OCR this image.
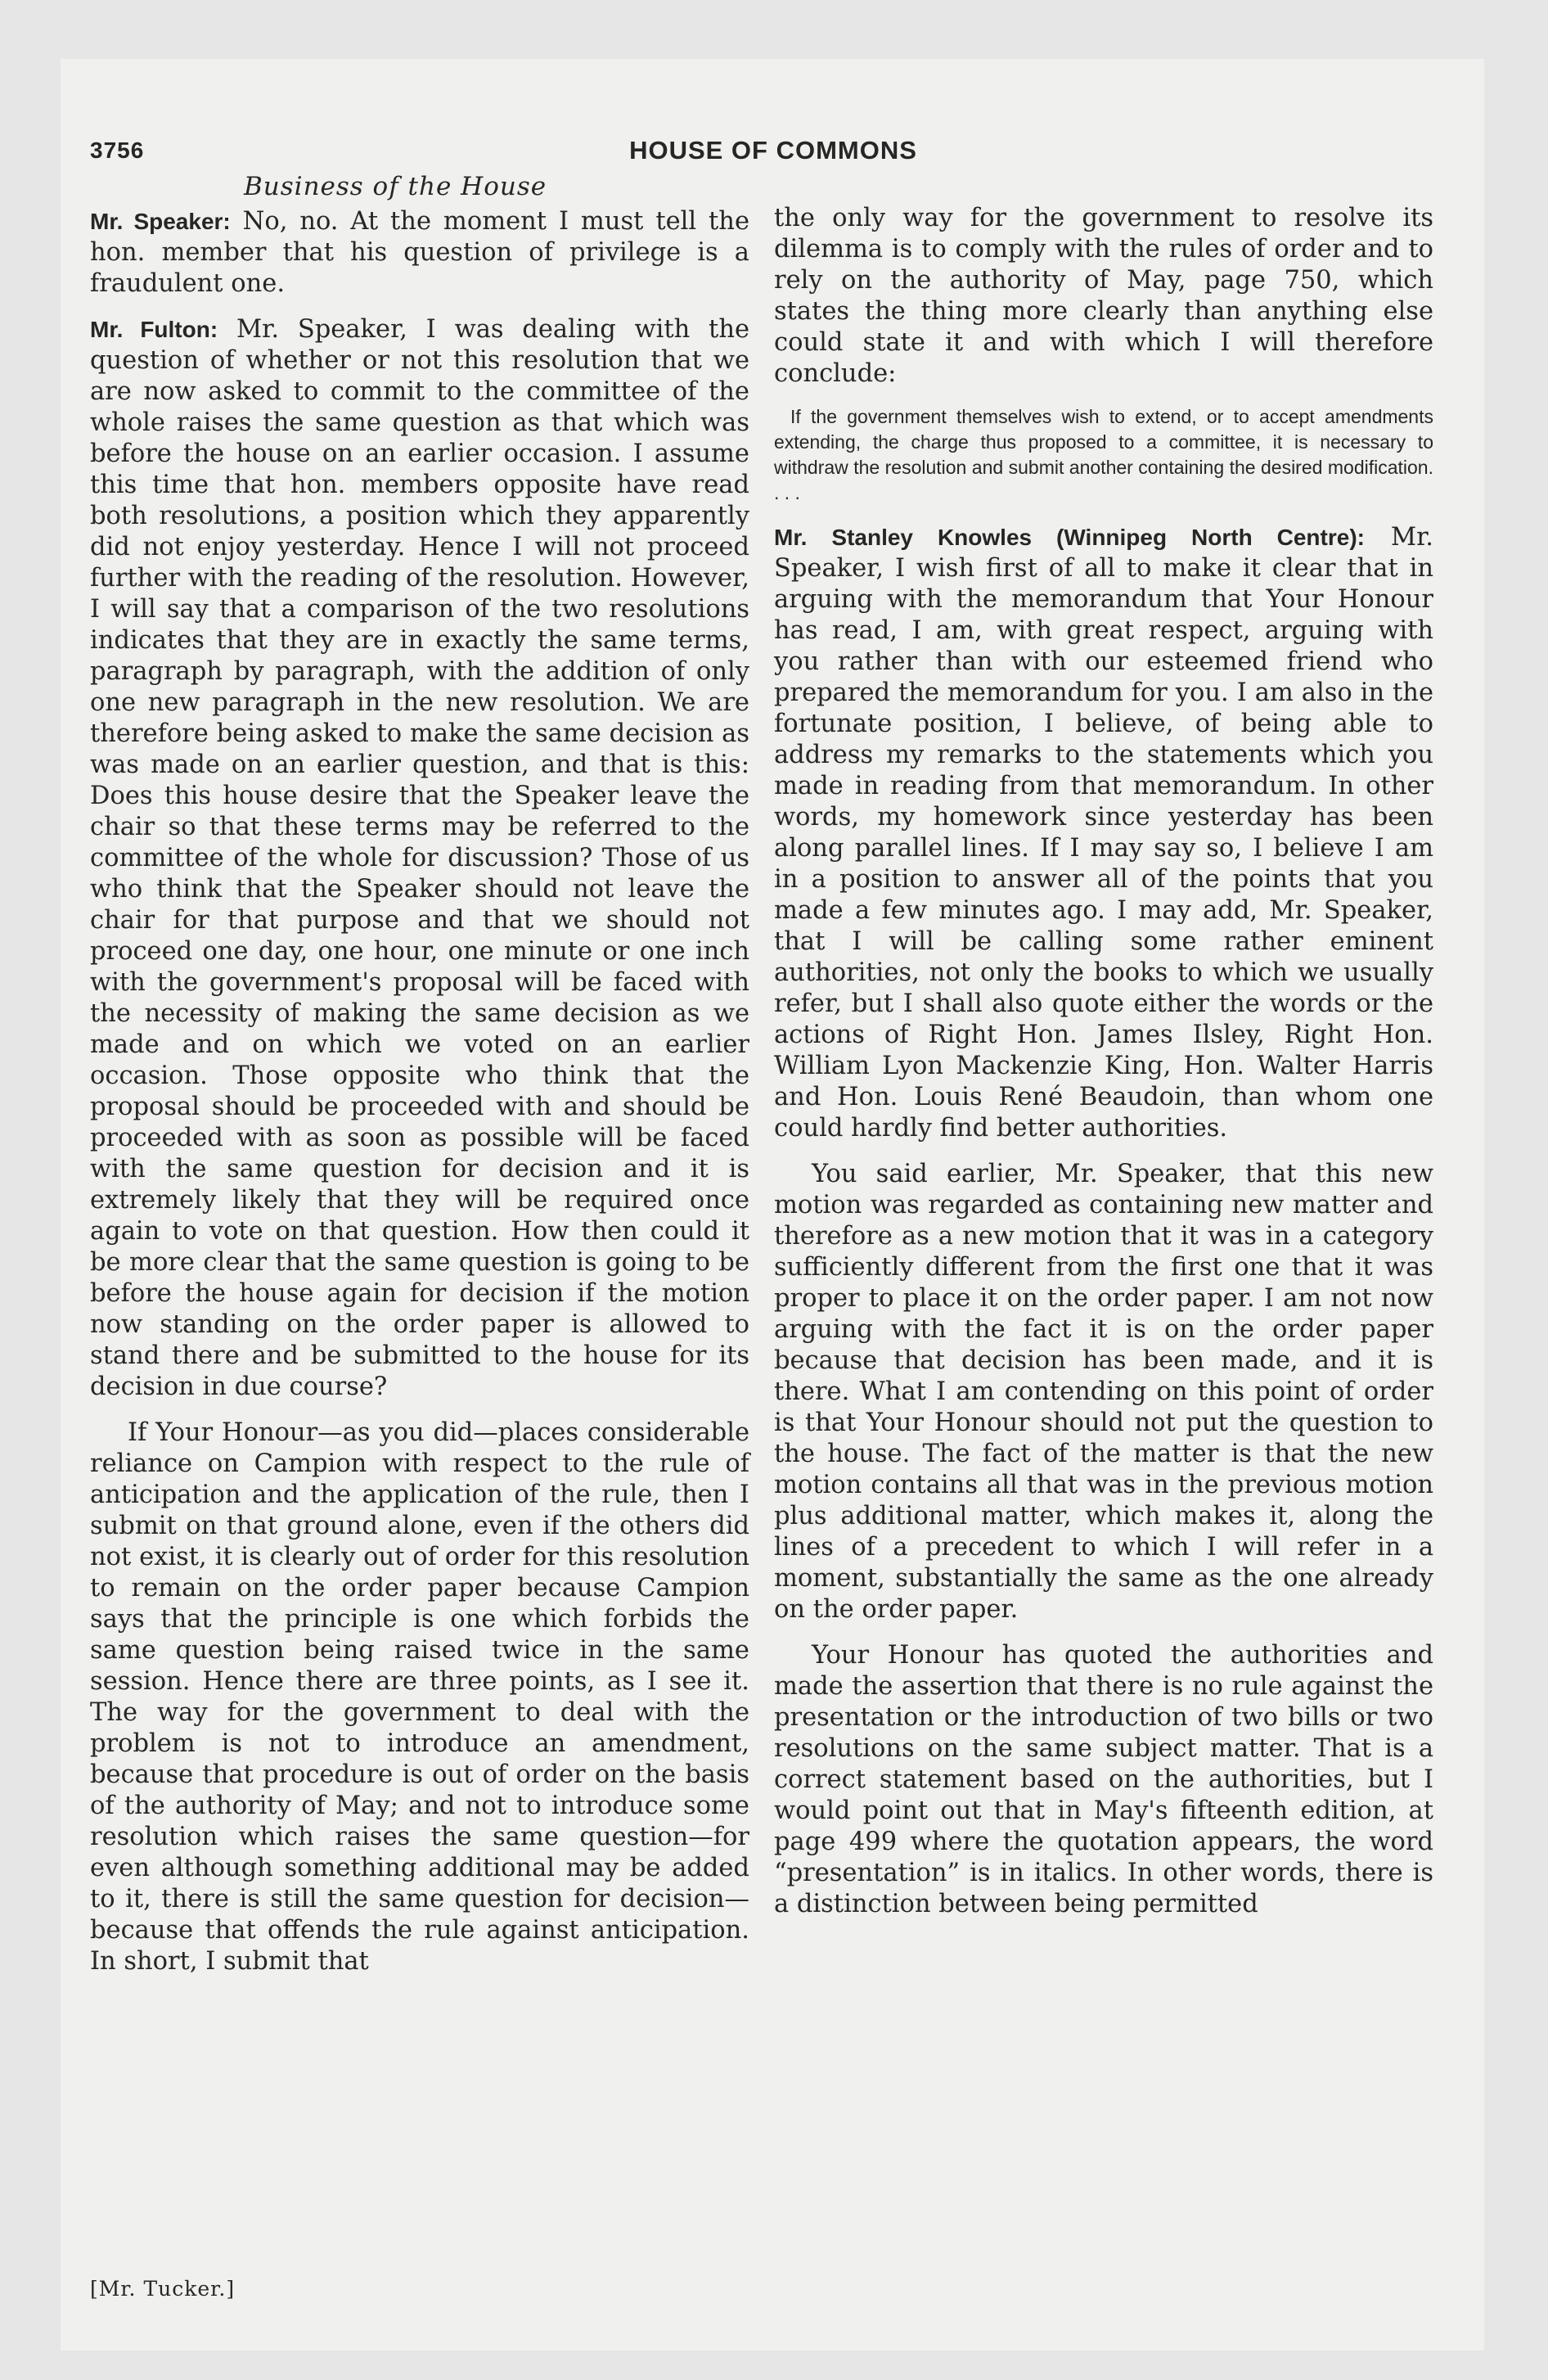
3756	HOUSE OF COMMONS
Business of the House

Mr. Speaker: No, no. At the moment I must tell the hon. member that his question of privilege is a fraudulent one.

Mr. Fulton: Mr. Speaker, I was dealing with the question of whether or not this resolution that we are now asked to commit to the committee of the whole raises the same question as that which was before the house on an earlier occasion. I assume this time that hon. members opposite have read both resolutions, a position which they apparently did not enjoy yesterday. Hence I will not proceed further with the reading of the resolution. However, I will say that a comparison of the two resolutions indicates that they are in exactly the same terms, paragraph by paragraph, with the addition of only one new paragraph in the new resolution. We are therefore being asked to make the same decision as was made on an earlier question, and that is this: Does this house desire that the Speaker leave the chair so that these terms may be referred to the committee of the whole for discussion? Those of us who think that the Speaker should not leave the chair for that purpose and that we should not proceed one day, one hour, one minute or one inch with the government's proposal will be faced with the necessity of making the same decision as we made and on which we voted on an earlier occasion. Those opposite who think that the proposal should be proceeded with and should be proceeded with as soon as possible will be faced with the same question for decision and it is extremely likely that they will be required once again to vote on that question. How then could it be more clear that the same question is going to be before the house again for decision if the motion now standing on the order paper is allowed to stand there and be submitted to the house for its decision in due course?

If Your Honour—as you did—places considerable reliance on Campion with respect to the rule of anticipation and the application of the rule, then I submit on that ground alone, even if the others did not exist, it is clearly out of order for this resolution to remain on the order paper because Campion says that the principle is one which forbids the same question being raised twice in the same session. Hence there are three points, as I see it. The way for the government to deal with the problem is not to introduce an amendment, because that procedure is out of order on the basis of the authority of May; and not to introduce some resolution which raises the same question—for even although something additional may be added to it, there is still the same question for decision—because that offends the rule against anticipation. In short, I submit that

the only way for the government to resolve its dilemma is to comply with the rules of order and to rely on the authority of May, page 750, which states the thing more clearly than anything else could state it and with which I will therefore conclude:

If the government themselves wish to extend, or to accept amendments extending, the charge thus proposed to a committee, it is necessary to withdraw the resolution and submit another containing the desired modification. . . .

Mr. Stanley Knowles (Winnipeg North Centre): Mr. Speaker, I wish first of all to make it clear that in arguing with the memorandum that Your Honour has read, I am, with great respect, arguing with you rather than with our esteemed friend who prepared the memorandum for you. I am also in the fortunate position, I believe, of being able to address my remarks to the statements which you made in reading from that memorandum. In other words, my homework since yesterday has been along parallel lines. If I may say so, I believe I am in a position to answer all of the points that you made a few minutes ago. I may add, Mr. Speaker, that I will be calling some rather eminent authorities, not only the books to which we usually refer, but I shall also quote either the words or the actions of Right Hon. James Ilsley, Right Hon. William Lyon Mackenzie King, Hon. Walter Harris and Hon. Louis René Beaudoin, than whom one could hardly find better authorities.

You said earlier, Mr. Speaker, that this new motion was regarded as containing new matter and therefore as a new motion that it was in a category sufficiently different from the first one that it was proper to place it on the order paper. I am not now arguing with the fact it is on the order paper because that decision has been made, and it is there. What I am contending on this point of order is that Your Honour should not put the question to the house. The fact of the matter is that the new motion contains all that was in the previous motion plus additional matter, which makes it, along the lines of a precedent to which I will refer in a moment, substantially the same as the one already on the order paper.

Your Honour has quoted the authorities and made the assertion that there is no rule against the presentation or the introduction of two bills or two resolutions on the same subject matter. That is a correct statement based on the authorities, but I would point out that in May's fifteenth edition, at page 499 where the quotation appears, the word “presentation” is in italics. In other words, there is a distinction between being permitted

[Mr. Tucker.]
